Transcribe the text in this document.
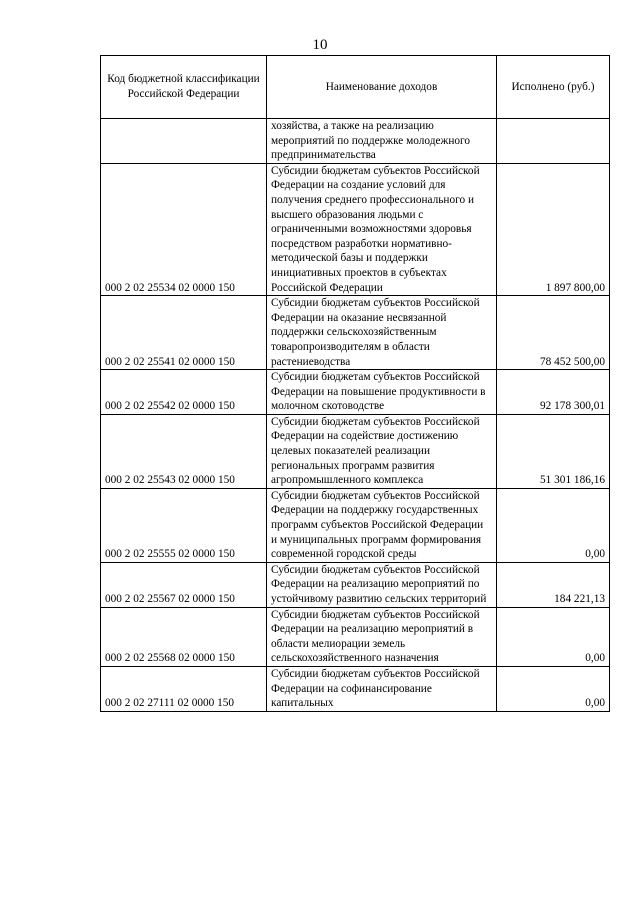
10
Код бюджетной классификации Российской Федерации	Наименование доходов	Исполнено (руб.)
	хозяйства, а также на реализацию мероприятий по поддержке молодежного предпринимательства	
000 2 02 25534 02 0000 150	Субсидии бюджетам субъектов Российской Федерации на создание условий для получения среднего профессионального и высшего образования людьми с ограниченными возможностями здоровья посредством разработки нормативно-методической базы и поддержки инициативных проектов в субъектах Российской Федерации	1 897 800,00
000 2 02 25541 02 0000 150	Субсидии бюджетам субъектов Российской Федерации на оказание несвязанной поддержки сельскохозяйственным товаропроизводителям в области растениеводства	78 452 500,00
000 2 02 25542 02 0000 150	Субсидии бюджетам субъектов Российской Федерации на повышение продуктивности в молочном скотоводстве	92 178 300,01
000 2 02 25543 02 0000 150	Субсидии бюджетам субъектов Российской Федерации на содействие достижению целевых показателей реализации региональных программ развития агропромышленного комплекса	51 301 186,16
000 2 02 25555 02 0000 150	Субсидии бюджетам субъектов Российской Федерации на поддержку государственных программ субъектов Российской Федерации и муниципальных программ формирования современной городской среды	0,00
000 2 02 25567 02 0000 150	Субсидии бюджетам субъектов Российской Федерации на реализацию мероприятий по устойчивому развитию сельских территорий	184 221,13
000 2 02 25568 02 0000 150	Субсидии бюджетам субъектов Российской Федерации на реализацию мероприятий в области мелиорации земель сельскохозяйственного назначения	0,00
000 2 02 27111 02 0000 150	Субсидии бюджетам субъектов Российской Федерации на софинансирование капитальных	0,00
